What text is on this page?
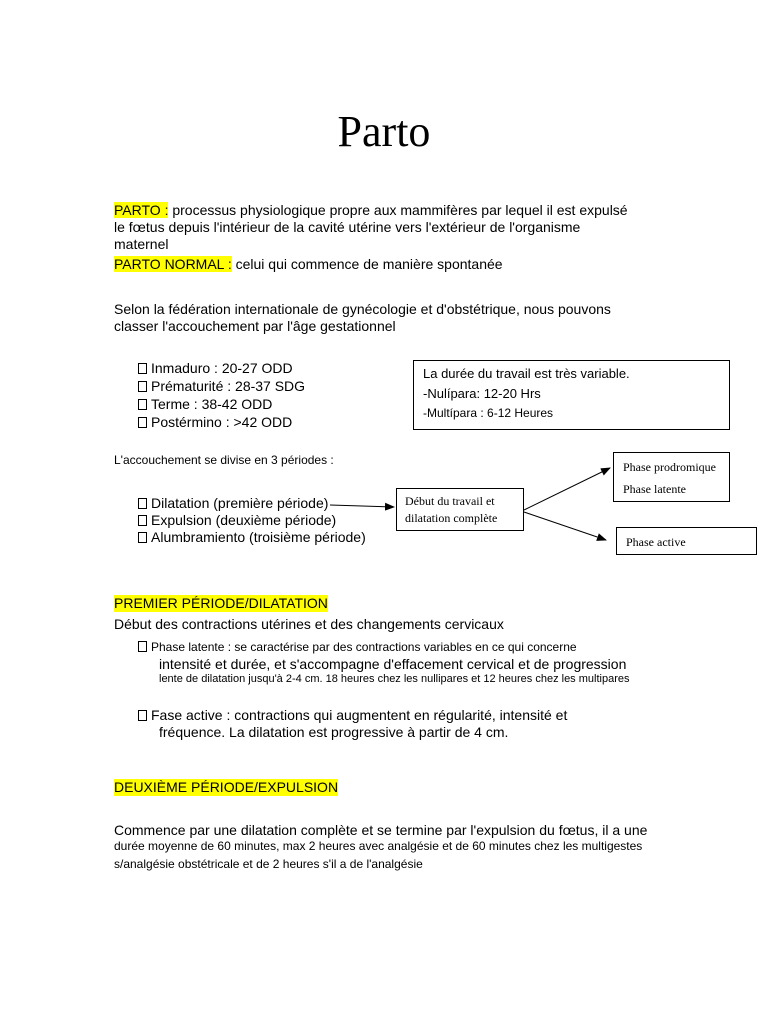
Parto
PARTO : processus physiologique propre aux mammifères par lequel il est expulsé
le fœtus depuis l'intérieur de la cavité utérine vers l'extérieur de l'organisme
maternel
PARTO NORMAL : celui qui commence de manière spontanée
Selon la fédération internationale de gynécologie et d'obstétrique, nous pouvons
classer l'accouchement par l'âge gestationnel
Inmaduro : 20-27 ODD
Prématurité : 28-37 SDG
Terme : 38-42 ODD
Postérmino : >42 ODD
La durée du travail est très variable.
-Nulípara: 12-20 Hrs
-Multípara : 6-12 Heures
L'accouchement se divise en 3 périodes :
Dilatation (première période)
Expulsion (deuxième période)
Alumbramiento (troisième période)
Début du travail et
dilatation complète
Phase prodromique
Phase latente
Phase active
PREMIER PÉRIODE/DILATATION
Début des contractions utérines et des changements cervicaux
Phase latente : se caractérise par des contractions variables en ce qui concerne
intensité et durée, et s'accompagne d'effacement cervical et de progression
lente de dilatation jusqu'à 2-4 cm. 18 heures chez les nullipares et 12 heures chez les multipares
Fase active : contractions qui augmentent en régularité, intensité et
fréquence. La dilatation est progressive à partir de 4 cm.
DEUXIÈME PÉRIODE/EXPULSION
Commence par une dilatation complète et se termine par l'expulsion du fœtus, il a une
durée moyenne de 60 minutes, max 2 heures avec analgésie et de 60 minutes chez les multigestes
s/analgésie obstétricale et de 2 heures s'il a de l'analgésie
